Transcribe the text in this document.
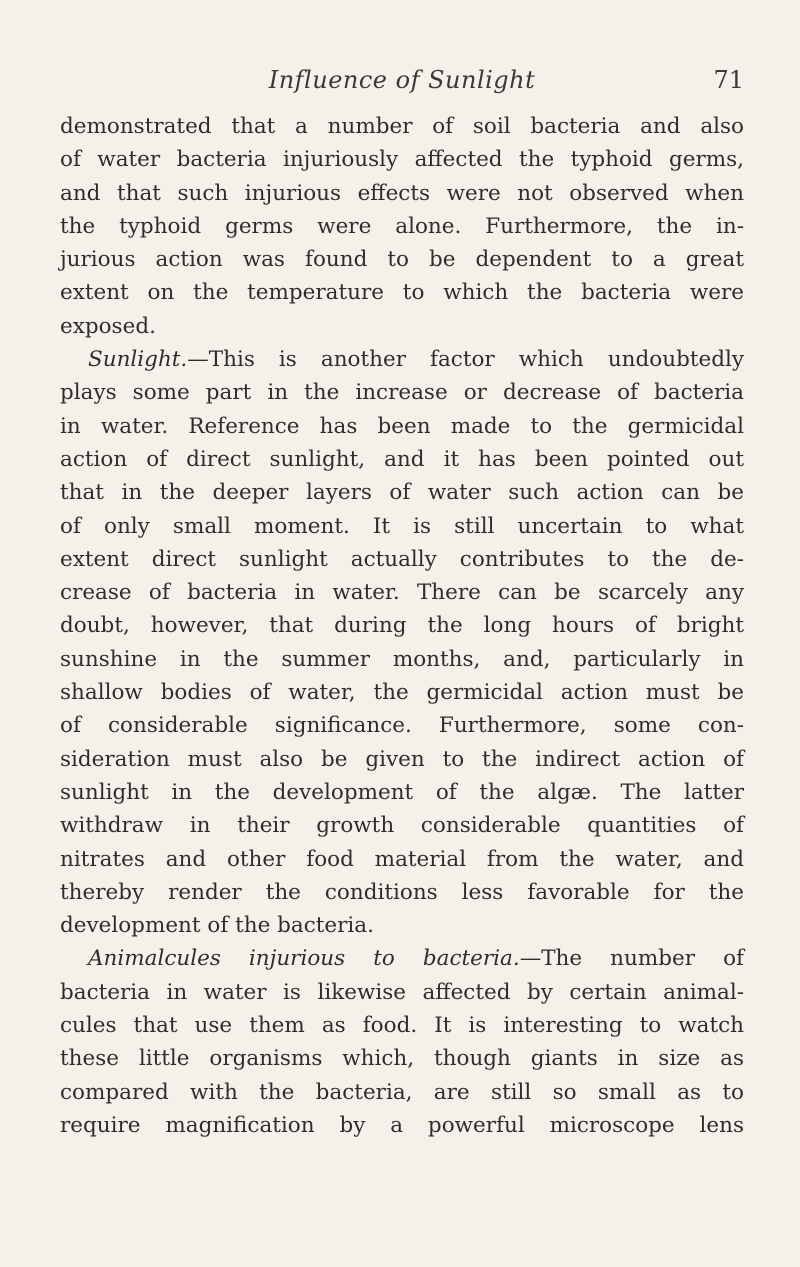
Influence of Sunlight	71
demonstrated that a number of soil bacteria and also
of water bacteria injuriously affected the typhoid germs,
and that such injurious effects were not observed when
the typhoid germs were alone. Furthermore, the in-
jurious action was found to be dependent to a great
extent on the temperature to which the bacteria were
exposed.
Sunlight.—This is another factor which undoubtedly
plays some part in the increase or decrease of bacteria
in water. Reference has been made to the germicidal
action of direct sunlight, and it has been pointed out
that in the deeper layers of water such action can be
of only small moment. It is still uncertain to what
extent direct sunlight actually contributes to the de-
crease of bacteria in water. There can be scarcely any
doubt, however, that during the long hours of bright
sunshine in the summer months, and, particularly in
shallow bodies of water, the germicidal action must be
of considerable significance. Furthermore, some con-
sideration must also be given to the indirect action of
sunlight in the development of the algæ. The latter
withdraw in their growth considerable quantities of
nitrates and other food material from the water, and
thereby render the conditions less favorable for the
development of the bacteria.
Animalcules injurious to bacteria.—The number of
bacteria in water is likewise affected by certain animal-
cules that use them as food. It is interesting to watch
these little organisms which, though giants in size as
compared with the bacteria, are still so small as to
require magnification by a powerful microscope lens
